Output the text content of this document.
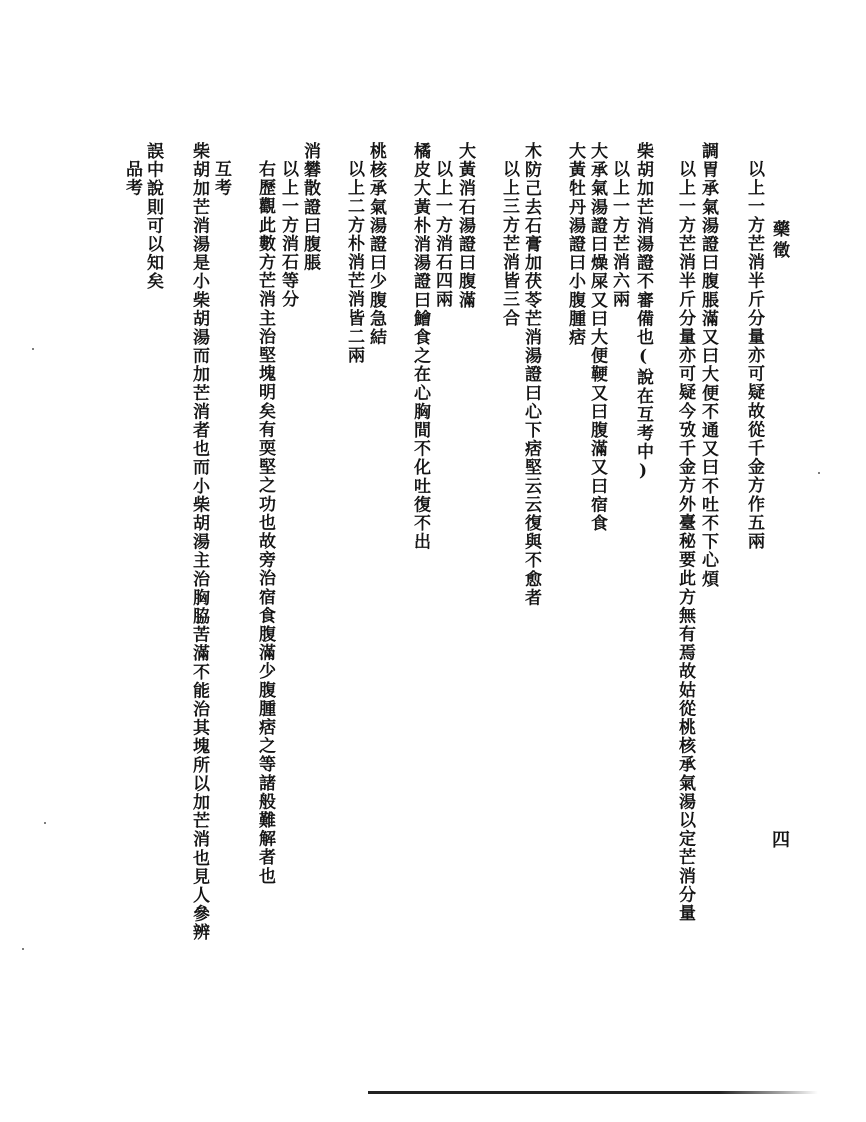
藥徵
四
以上一方芒消半斤分量亦可疑故從千金方作五兩
調胃承氣湯證曰腹脹滿又曰大便不通又曰不吐不下心煩
以上一方芒消半斤分量亦可疑今攷千金方外臺秘要此方無有焉故姑從桃核承氣湯以定芒消分量
柴胡加芒消湯證不審備也(說在互考中)
以上一方芒消六兩
大承氣湯證曰燥屎又曰大便鞕又曰腹滿又曰宿食
大黃牡丹湯證曰小腹腫痞
木防己去石膏加茯苓芒消湯證曰心下痞堅云云復與不愈者
以上三方芒消皆三合
大黃消石湯證曰腹滿
以上一方消石四兩
橘皮大黃朴消湯證曰鱠食之在心胸間不化吐復不出
桃核承氣湯證曰少腹急結
以上二方朴消芒消皆二兩
消礬散證曰腹脹
以上一方消石等分
右歷觀此數方芒消主治堅塊明矣有耎堅之功也故旁治宿食腹滿少腹腫痞之等諸般難解者也
互考
柴胡加芒消湯是小柴胡湯而加芒消者也而小柴胡湯主治胸脇苦滿不能治其塊所以加芒消也見人參辨
誤中說則可以知矣
品考
